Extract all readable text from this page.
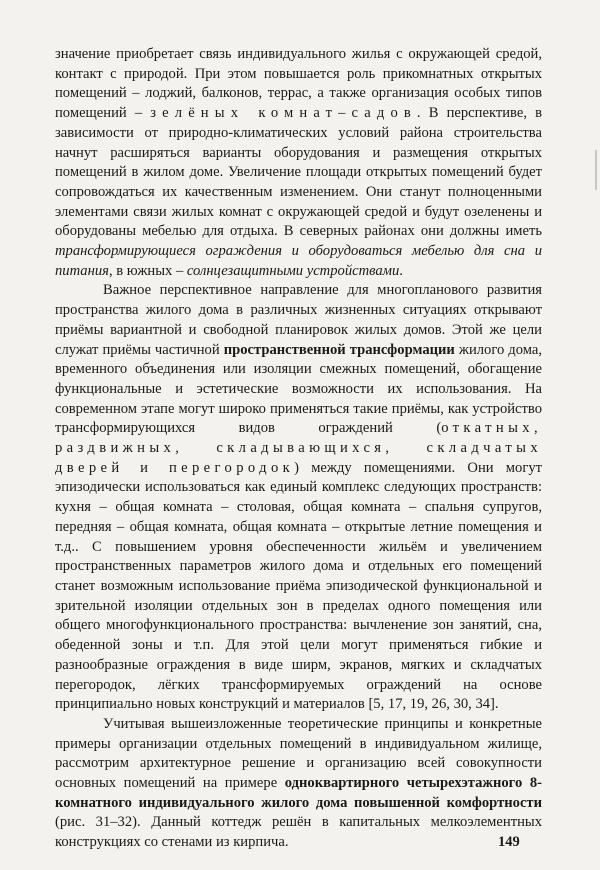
значение приобретает связь индивидуального жилья с окружающей средой, контакт с природой. При этом повышается роль прикомнатных открытых помещений – лоджий, балконов, террас, а также организация особых типов помещений – зелёных комнат–садов. В перспективе, в зависимости от природно-климатических условий района строительства начнут расширяться варианты оборудования и размещения открытых помещений в жилом доме. Увеличение площади открытых помещений будет сопровождаться их качественным изменением. Они станут полноценными элементами связи жилых комнат с окружающей средой и будут озеленены и оборудованы мебелью для отдыха. В северных районах они должны иметь трансформирующиеся ограждения и оборудоваться мебелью для сна и питания, в южных – солнцезащитными устройствами.

Важное перспективное направление для многопланового развития пространства жилого дома в различных жизненных ситуациях открывают приёмы вариантной и свободной планировок жилых домов. Этой же цели служат приёмы частичной пространственной трансформации жилого дома, временного объединения или изоляции смежных помещений, обогащение функциональные и эстетические возможности их использования. На современном этапе могут широко применяться такие приёмы, как устройство трансформирующихся видов ограждений (откатных, раздвижных, складывающихся, складчатых дверей и перегородок) между помещениями. Они могут эпизодически использоваться как единый комплекс следующих пространств: кухня – общая комната – столовая, общая комната – спальня супругов, передняя – общая комната, общая комната – открытые летние помещения и т.д.. С повышением уровня обеспеченности жильём и увеличением пространственных параметров жилого дома и отдельных его помещений станет возможным использование приёма эпизодической функциональной и зрительной изоляции отдельных зон в пределах одного помещения или общего многофункционального пространства: вычленение зон занятий, сна, обеденной зоны и т.п. Для этой цели могут применяться гибкие и разнообразные ограждения в виде ширм, экранов, мягких и складчатых перегородок, лёгких трансформируемых ограждений на основе принципиально новых конструкций и материалов [5, 17, 19, 26, 30, 34].

Учитывая вышеизложенные теоретические принципы и конкретные примеры организации отдельных помещений в индивидуальном жилище, рассмотрим архитектурное решение и организацию всей совокупности основных помещений на примере одноквартирного четырехэтажного 8-комнатного индивидуального жилого дома повышенной комфортности (рис. 31–32). Данный коттедж решён в капитальных мелкоэлементных конструкциях со стенами из кирпича.	149
